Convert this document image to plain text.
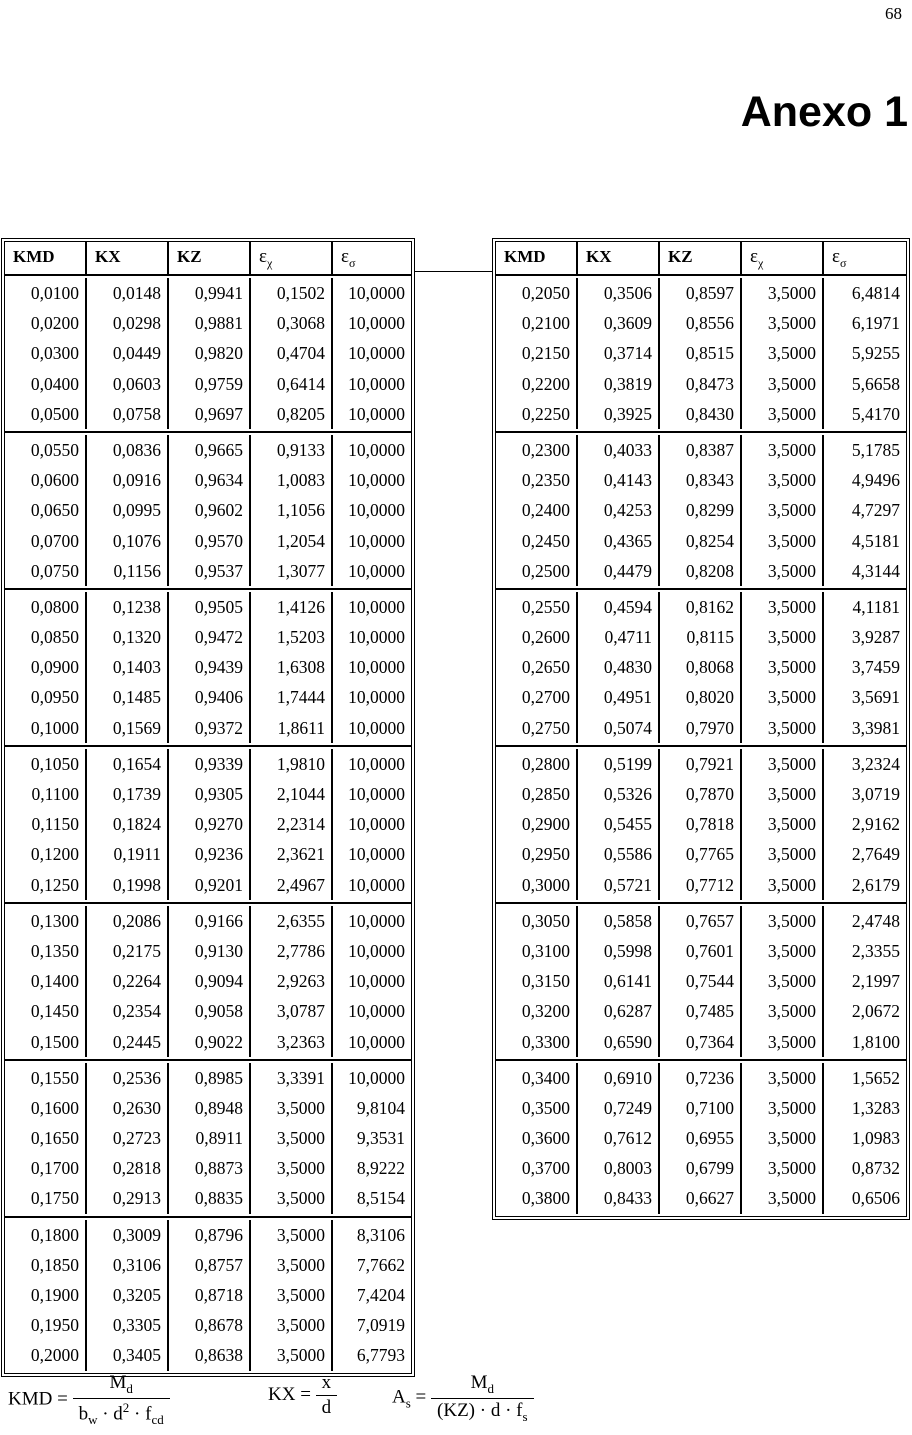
68
Anexo 1
KMD	KX	KZ	$\varepsilon_\chi$	$\varepsilon_\sigma$
0,0100	0,0148	0,9941	0,1502	10,0000
0,0200	0,0298	0,9881	0,3068	10,0000
0,0300	0,0449	0,9820	0,4704	10,0000
0,0400	0,0603	0,9759	0,6414	10,0000
0,0500	0,0758	0,9697	0,8205	10,0000
0,0550	0,0836	0,9665	0,9133	10,0000
0,0600	0,0916	0,9634	1,0083	10,0000
0,0650	0,0995	0,9602	1,1056	10,0000
0,0700	0,1076	0,9570	1,2054	10,0000
0,0750	0,1156	0,9537	1,3077	10,0000
0,0800	0,1238	0,9505	1,4126	10,0000
0,0850	0,1320	0,9472	1,5203	10,0000
0,0900	0,1403	0,9439	1,6308	10,0000
0,0950	0,1485	0,9406	1,7444	10,0000
0,1000	0,1569	0,9372	1,8611	10,0000
0,1050	0,1654	0,9339	1,9810	10,0000
0,1100	0,1739	0,9305	2,1044	10,0000
0,1150	0,1824	0,9270	2,2314	10,0000
0,1200	0,1911	0,9236	2,3621	10,0000
0,1250	0,1998	0,9201	2,4967	10,0000
0,1300	0,2086	0,9166	2,6355	10,0000
0,1350	0,2175	0,9130	2,7786	10,0000
0,1400	0,2264	0,9094	2,9263	10,0000
0,1450	0,2354	0,9058	3,0787	10,0000
0,1500	0,2445	0,9022	3,2363	10,0000
0,1550	0,2536	0,8985	3,3391	10,0000
0,1600	0,2630	0,8948	3,5000	9,8104
0,1650	0,2723	0,8911	3,5000	9,3531
0,1700	0,2818	0,8873	3,5000	8,9222
0,1750	0,2913	0,8835	3,5000	8,5154
0,1800	0,3009	0,8796	3,5000	8,3106
0,1850	0,3106	0,8757	3,5000	7,7662
0,1900	0,3205	0,8718	3,5000	7,4204
0,1950	0,3305	0,8678	3,5000	7,0919
0,2000	0,3405	0,8638	3,5000	6,7793
KMD	KX	KZ	$\varepsilon_\chi$	$\varepsilon_\sigma$
0,2050	0,3506	0,8597	3,5000	6,4814
0,2100	0,3609	0,8556	3,5000	6,1971
0,2150	0,3714	0,8515	3,5000	5,9255
0,2200	0,3819	0,8473	3,5000	5,6658
0,2250	0,3925	0,8430	3,5000	5,4170
0,2300	0,4033	0,8387	3,5000	5,1785
0,2350	0,4143	0,8343	3,5000	4,9496
0,2400	0,4253	0,8299	3,5000	4,7297
0,2450	0,4365	0,8254	3,5000	4,5181
0,2500	0,4479	0,8208	3,5000	4,3144
0,2550	0,4594	0,8162	3,5000	4,1181
0,2600	0,4711	0,8115	3,5000	3,9287
0,2650	0,4830	0,8068	3,5000	3,7459
0,2700	0,4951	0,8020	3,5000	3,5691
0,2750	0,5074	0,7970	3,5000	3,3981
0,2800	0,5199	0,7921	3,5000	3,2324
0,2850	0,5326	0,7870	3,5000	3,0719
0,2900	0,5455	0,7818	3,5000	2,9162
0,2950	0,5586	0,7765	3,5000	2,7649
0,3000	0,5721	0,7712	3,5000	2,6179
0,3050	0,5858	0,7657	3,5000	2,4748
0,3100	0,5998	0,7601	3,5000	2,3355
0,3150	0,6141	0,7544	3,5000	2,1997
0,3200	0,6287	0,7485	3,5000	2,0672
0,3300	0,6590	0,7364	3,5000	1,8100
0,3400	0,6910	0,7236	3,5000	1,5652
0,3500	0,7249	0,7100	3,5000	1,3283
0,3600	0,7612	0,6955	3,5000	1,0983
0,3700	0,8003	0,6799	3,5000	0,8732
0,3800	0,8433	0,6627	3,5000	0,6506
KMD = $\frac{M_d}{b_w \cdot d^2 \cdot f_{cd}}$	KX = $\frac{x}{d}$	$A_s = \frac{M_d}{(KZ) \cdot d \cdot f_s}$
